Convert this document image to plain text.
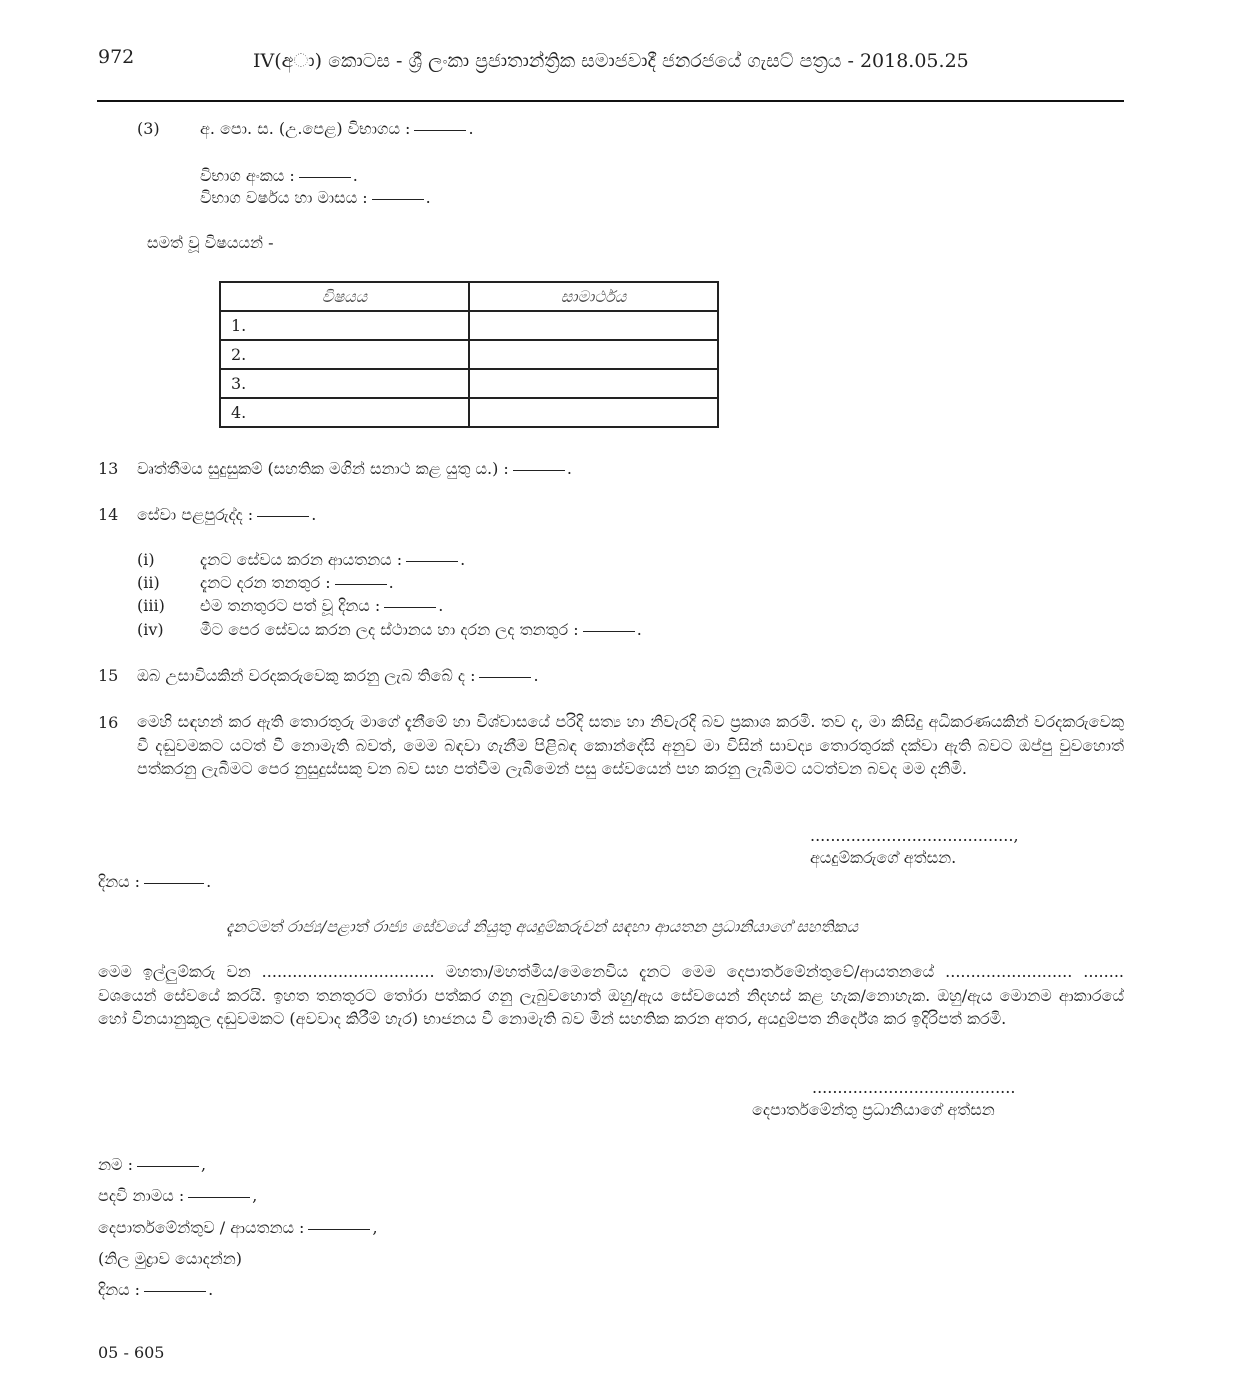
972	IV(අා) කොටස - ශ්‍රී ලංකා ප්‍රජාතාන්ත්‍රික සමාජවාදී ජනරජයේ ගැසට් පත්‍රය - 2018.05.25
(3)	අ. පො. ස. (උ.පෙළ) විභාගය :	.
විභාග අංකය :	.
විභාග වර්ෂය හා මාසය :	.
සමත් වූ විෂයයන් -
විෂයය	සාමාර්ථය
1.	
2.	
3.	
4.	
13 වෘත්තීමය සුදුසුකම් (සහතික මගින් සනාථ කළ යුතු ය.) :	.
14 සේවා පළපුරුද්ද :	.
(i)	දැනට සේවය කරන ආයතනය :	.
(ii)	දැනට දරන තනතුර :	.
(iii) එම තනතුරට පත් වූ දිනය :	.
(iv) මීට පෙර සේවය කරන ලද ස්ථානය හා දරන ලද තනතුර :	.
15 ඔබ උසාවියකින් වරදකරුවෙකු කරනු ලැබ තිබේ ද :	.
16 මෙහි සඳහන් කර ඇති තොරතුරු මාගේ දැනීමේ හා විශ්වාසයේ පරිදි සත්‍ය හා නිවැරදි බව ප්‍රකාශ කරමි. තව ද, මා කිසිදු අධිකරණයකින් වරදකරුවෙකු වී දඬුවමකට යටත් වී නොමැති බවත්, මෙම බඳවා ගැනීම පිළිබඳ කොන්දේසි අනුව මා විසින් සාවද්‍ය තොරතුරක් දක්වා ඇති බවට ඔප්පු වුවහොත් පත්කරනු ලැබීමට පෙර නුසුදුස්සකු වන බව සහ පත්වීම ලැබීමෙන් පසු සේවයෙන් පහ කරනු ලැබීමට යටත්වන බවද මම දනිමි.
........................................,
අයදුම්කරුගේ අත්සන.
දිනය :	.
දැනටමත් රාජ්‍ය/පළාත් රාජ්‍ය සේවයේ නියුතු අයදුම්කරුවන් සඳහා ආයතන ප්‍රධානියාගේ සහතිකය
මෙම ඉල්ලුම්කරු වන .................................. මහතා/මහත්මිය/මෙනෙවිය දැනට මෙම දෙපාර්තමේන්තුවේ/ආයතනයේ ......................... ........ වශයෙන් සේවයේ කරයි. ඉහත තනතුරට තෝරා පත්කර ගනු ලැබුවහොත් ඔහු/ඇය සේවයෙන් නිදහස් කළ හැක/නොහැක. ඔහු/ඇය මොනම ආකාරයේ හෝ විනයානුකූල දඬුවමකට (අවවාද කිරීම් හැර) භාජනය වී නොමැති බව මින් සහතික කරන අතර, අයදුම්පත නිර්දේශ කර ඉදිරිපත් කරමි.
........................................
දෙපාර්තමේන්තු ප්‍රධානියාගේ අත්සන
නම :	,
පදවි නාමය :	,
දෙපාර්තමේන්තුව / ආයතනය :	,
(නිල මුද්‍රාව යොදන්න)
දිනය :	.
05 - 605
